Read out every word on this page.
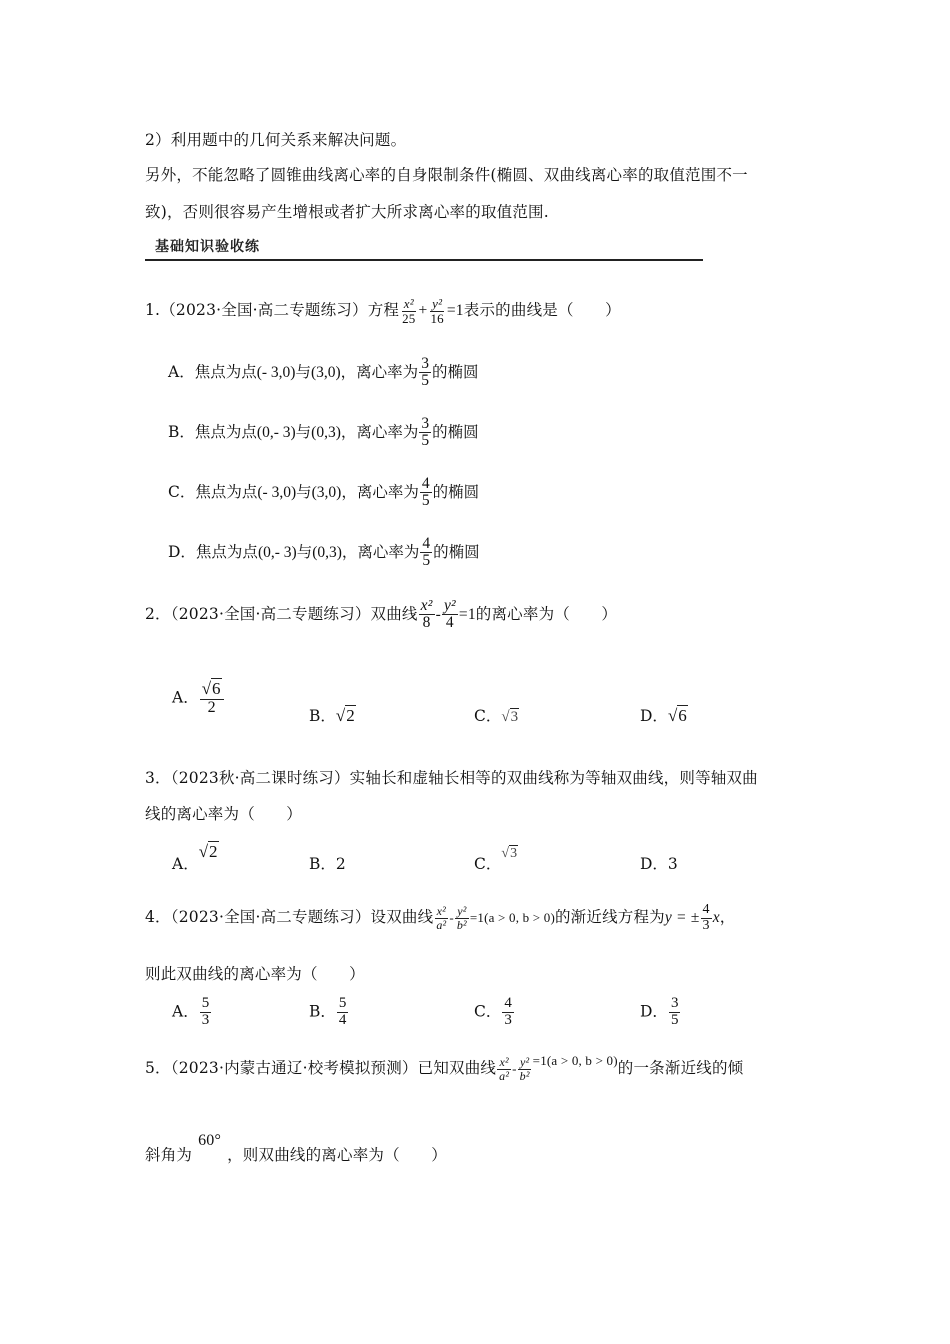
2）利用题中的几何关系来解决问题。
另外，不能忽略了圆锥曲线离心率的自身限制条件(椭圆、双曲线离心率的取值范围不一
致)，否则很容易产生增根或者扩大所求离心率的取值范围.
基础知识验收练
1.（2023·全国·高二专题练习）方程 $\frac{\text{x²}}{25} + \frac{\text{y²}}{16} =1$表示的曲线是（　　）
A．焦点为点(- 3,0)与(3,0)，离心率为 $\frac{3}{5}$ 的椭圆
B．焦点为点(0,- 3)与(0,3)，离心率为 $\frac{3}{5}$ 的椭圆
C．焦点为点(- 3,0)与(3,0)，离心率为 $\frac{4}{5}$ 的椭圆
D．焦点为点(0,- 3)与(0,3)，离心率为 $\frac{4}{5}$ 的椭圆
2．（2023·全国·高二专题练习）双曲线 $\frac{\text{x²}}{8} - \frac{\text{y²}}{4} =1$的离心率为（　　）
A． $\frac{√6}{2}$	B．√2	C．√3	D．√6
3．（2023秋·高二课时练习）实轴长和虚轴长相等的双曲线称为等轴双曲线，则等轴双曲
线的离心率为（　　）
A．√2
B．2	C．√3
D．3
4．（2023·全国·高二专题练习）设双曲线 $\frac{\text{x²}}{\text{a²}} - \frac{\text{y²}}{\text{b²}} =1(a > 0$, b > 0)的渐近线方程为y = ± $\frac{4}{3}$ x，
则此双曲线的离心率为（　　）
A． $\frac{5}{3}$	B． $\frac{5}{4}$	C． $\frac{4}{3}$	D． $\frac{3}{5}$
5．（2023·内蒙古通辽·校考模拟预测）已知双曲线 $\frac{\text{x²}}{\text{a²}} - \frac{\text{y²}}{\text{b²}} ^{=1(a > 0, b > 0)}$的一条渐近线的倾
斜角为60°，则双曲线的离心率为（　　）
